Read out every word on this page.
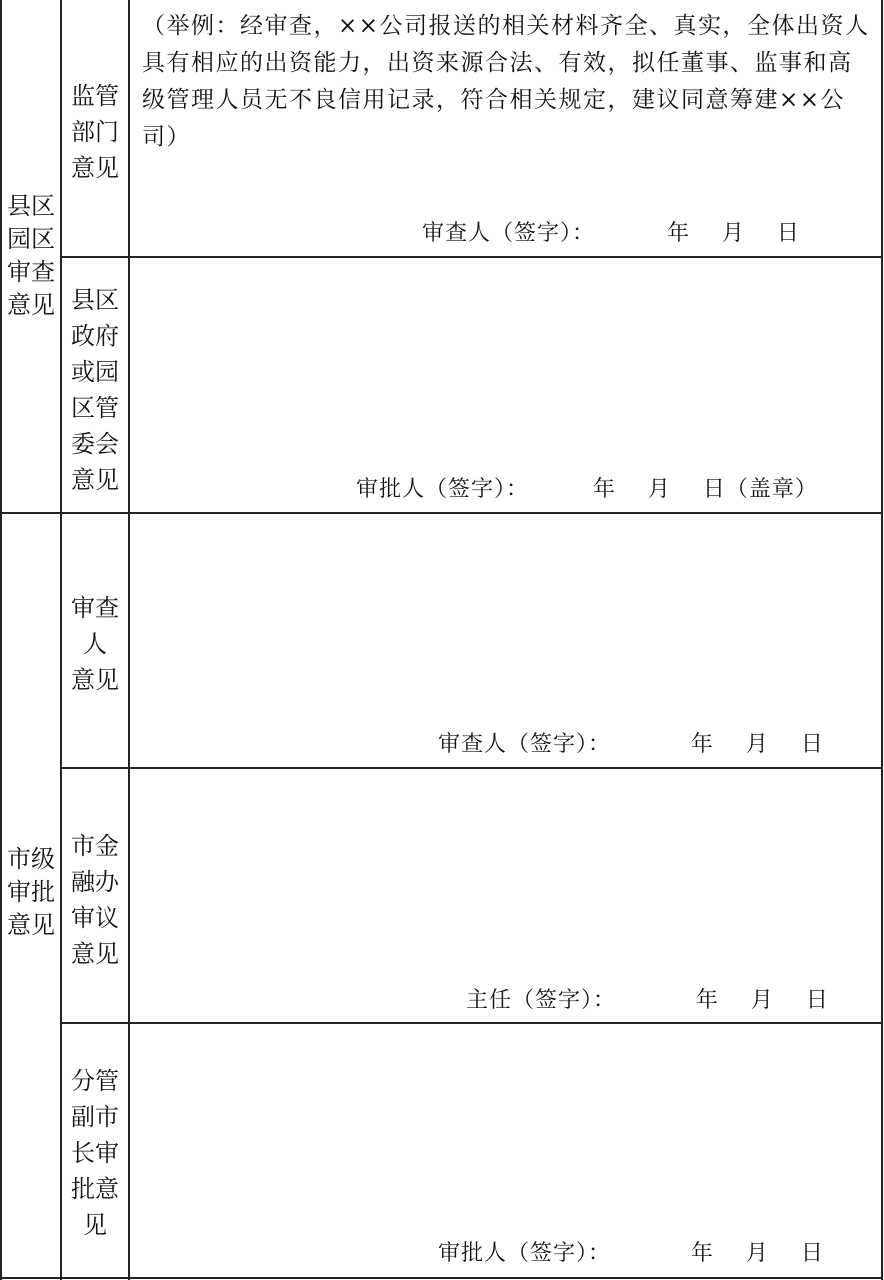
县区
园区
审查
意见
监管
部门
意见
（举例：经审查，××公司报送的相关材料齐全、真实，全体出资人具有相应的出资能力，出资来源合法、有效，拟任董事、监事和高级管理人员无不良信用记录，符合相关规定，建议同意筹建××公司）
审查人（签字）：         年    月    日
县区
政府
或园
区管
委会
意见	审批人（签字）：        年    月    日（盖章）
市级
审批
意见
审查
人
意见
审查人（签字）：          年    月    日
市金
融办
审议
意见
主任（签字）：          年    月    日
分管
副市
长审
批意
见
审批人（签字）：          年    月    日
